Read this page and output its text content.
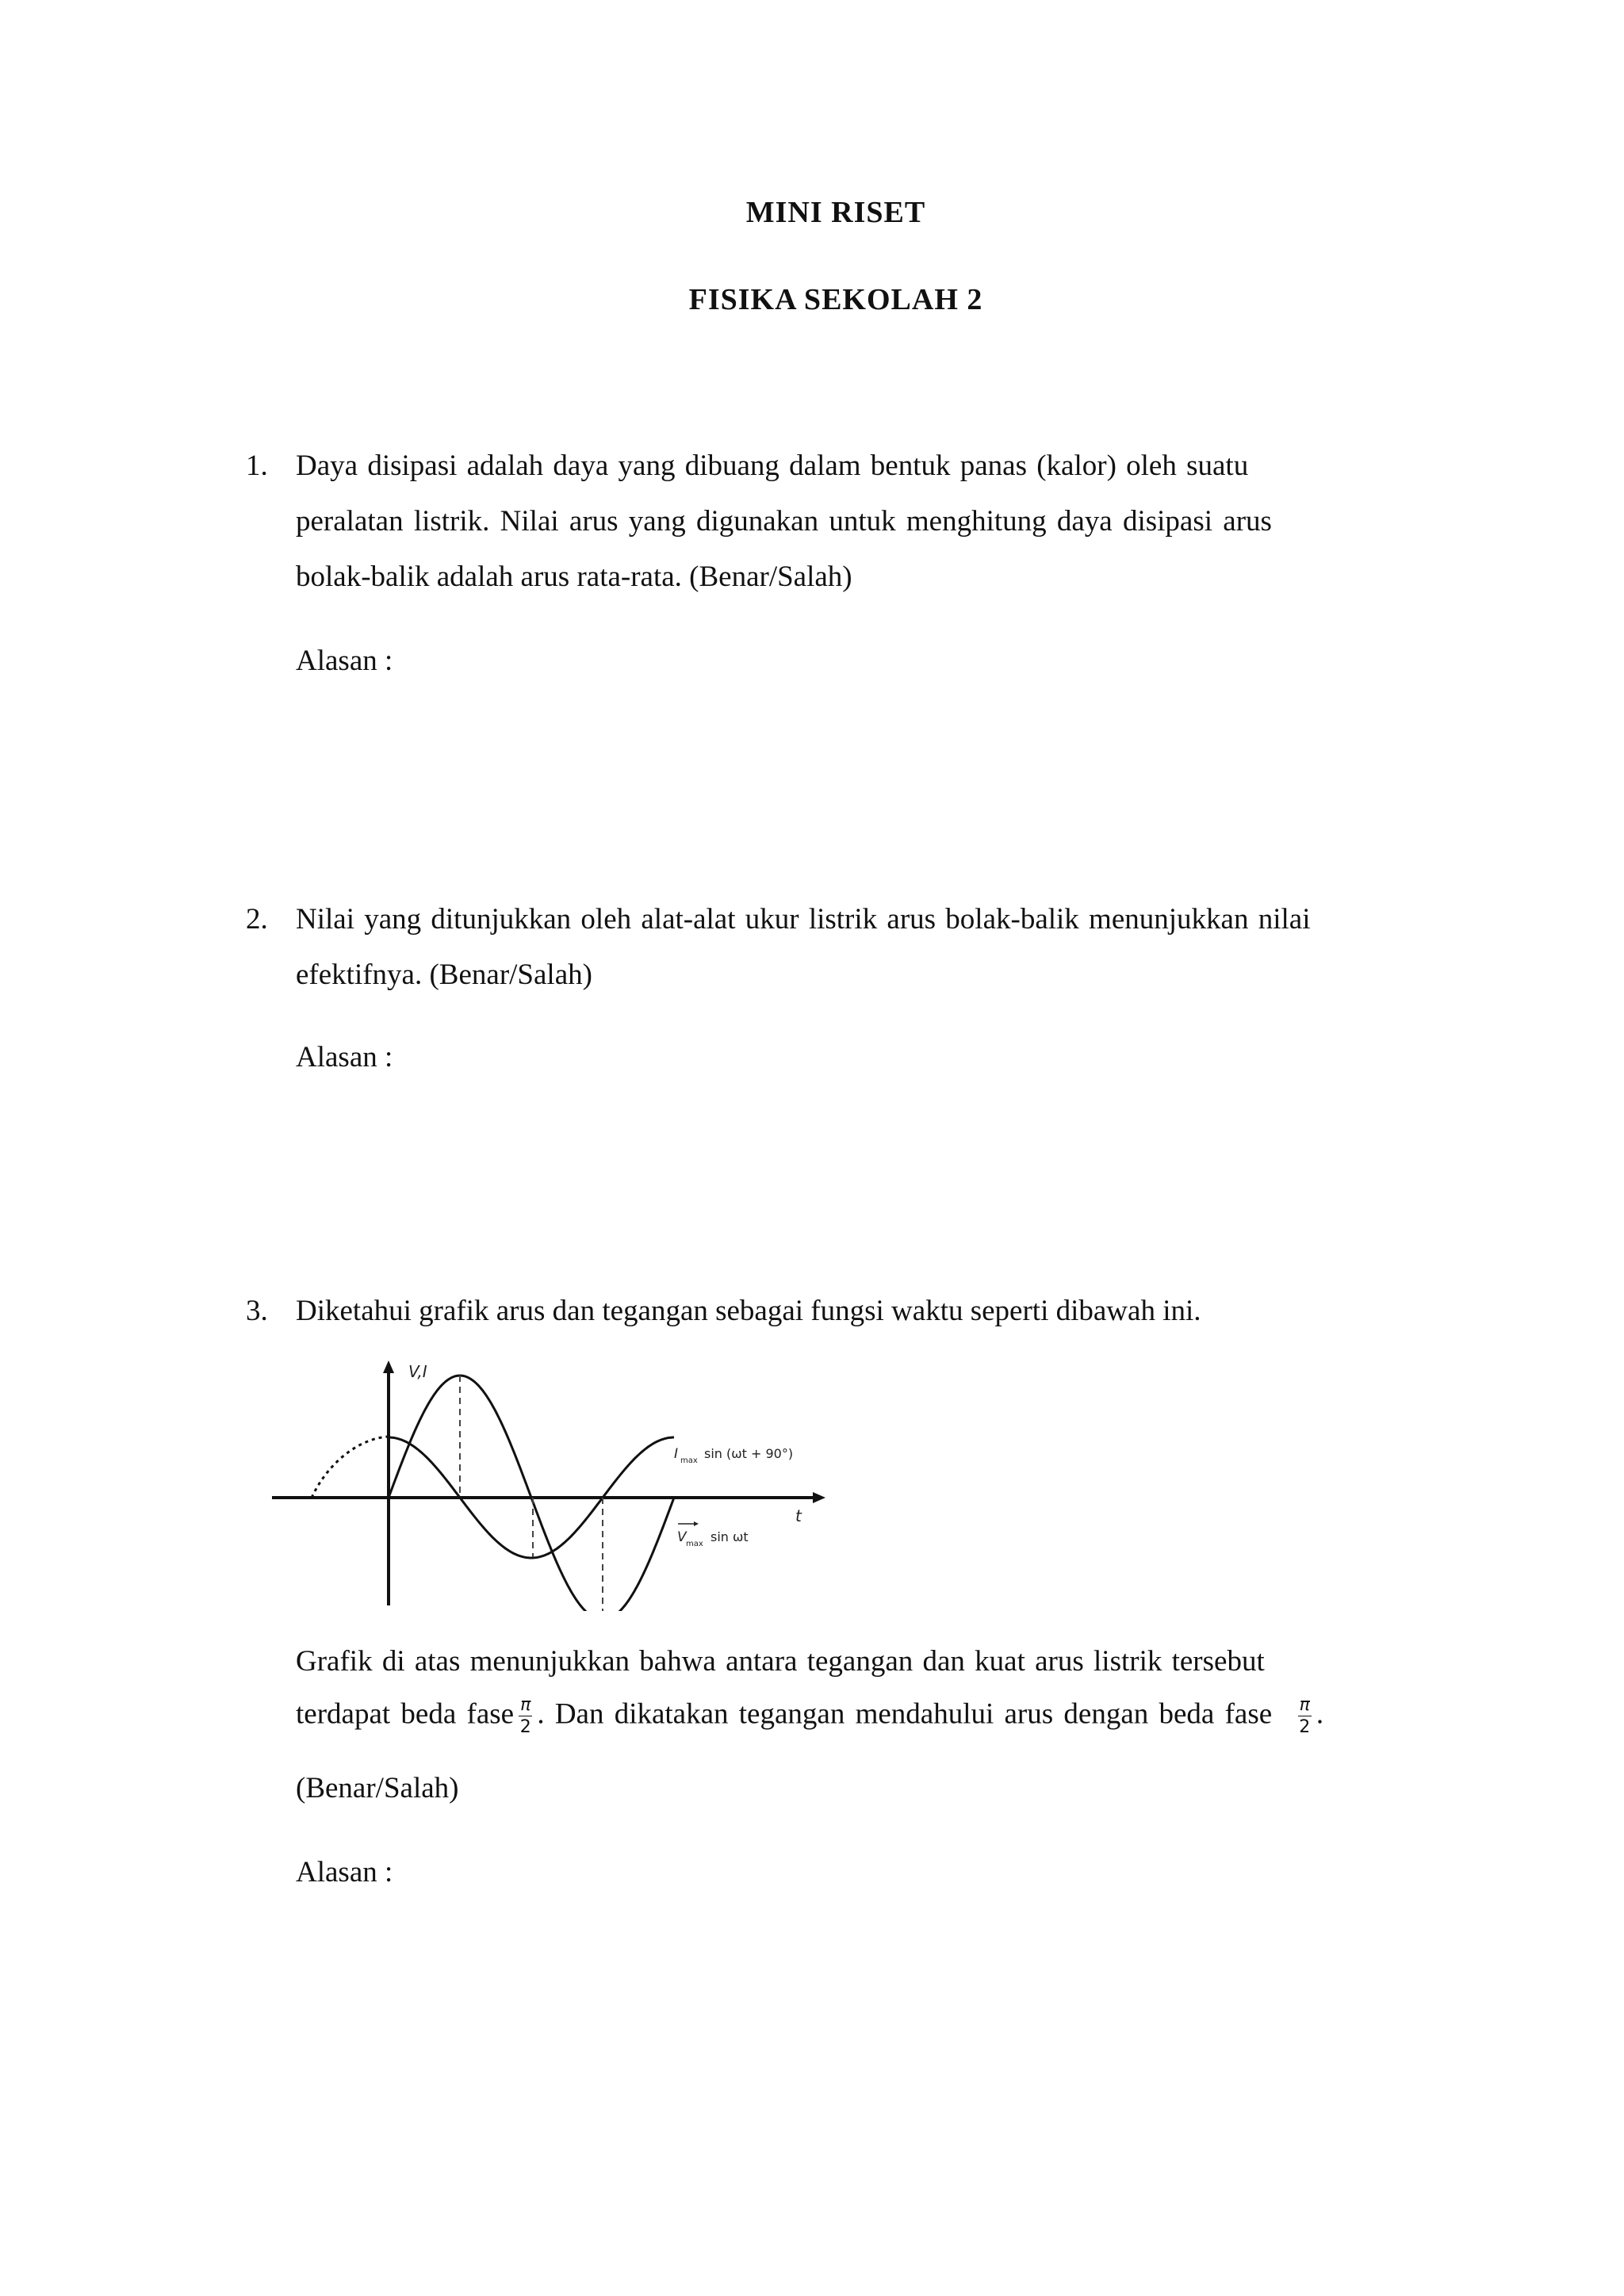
MINI RISET
FISIKA SEKOLAH 2
1. Daya disipasi adalah daya yang dibuang dalam bentuk panas (kalor) oleh suatu
peralatan listrik. Nilai arus yang digunakan untuk menghitung daya disipasi arus
bolak-balik adalah arus rata-rata. (Benar/Salah)
Alasan :
2. Nilai yang ditunjukkan oleh alat-alat ukur listrik arus bolak-balik menunjukkan nilai
efektifnya. (Benar/Salah)
Alasan :
3. Diketahui grafik arus dan tegangan sebagai fungsi waktu seperti dibawah ini.
V,I
t
I max sin (ωt + 90°)
V max sin ωt
Grafik di atas menunjukkan bahwa antara tegangan dan kuat arus listrik tersebut
terdapat beda fase $\frac{\pi}{2}$ . Dan dikatakan tegangan mendahului arus dengan beda fase $\frac{\pi}{2}$ .
(Benar/Salah)
Alasan :
